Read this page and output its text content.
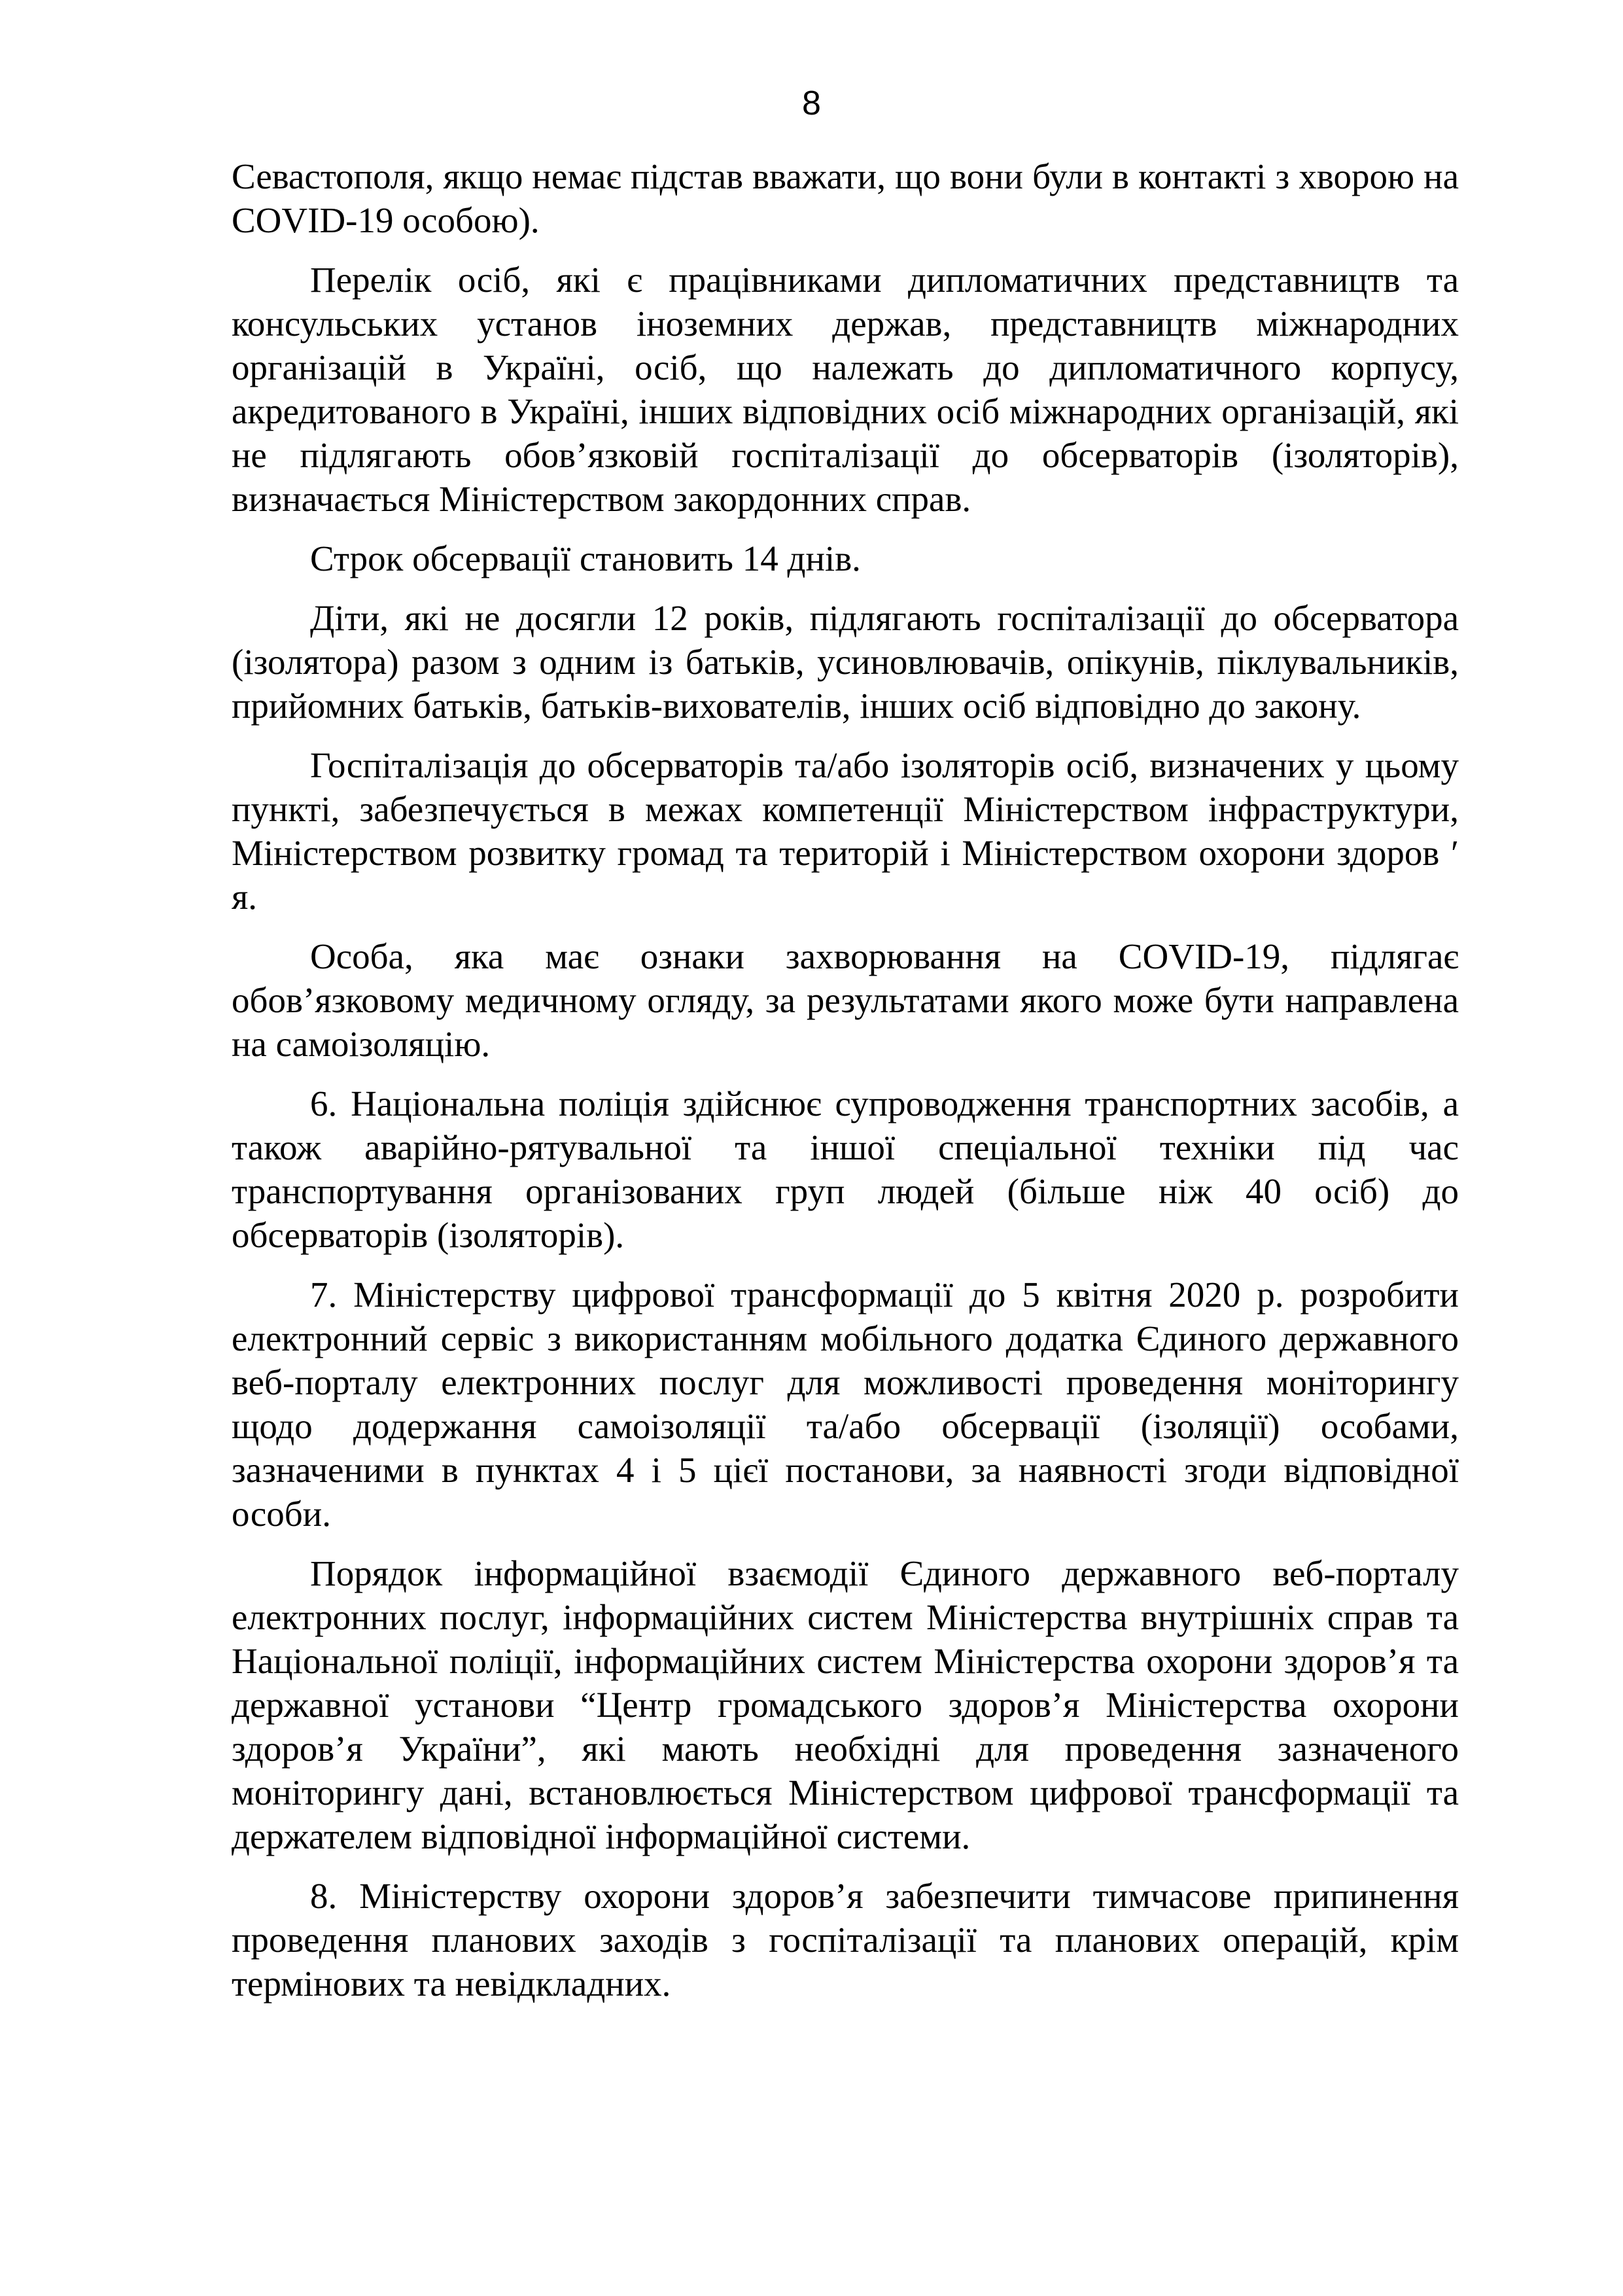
8

Севастополя, якщо немає підстав вважати, що вони були в контакті з хворою на COVID-19 особою).

Перелік осіб, які є працівниками дипломатичних представництв та консульських установ іноземних держав, представництв міжнародних організацій в Україні, осіб, що належать до дипломатичного корпусу, акредитованого в Україні, інших відповідних осіб міжнародних організацій, які не підлягають обов’язковій госпіталізації до обсерваторів (ізоляторів), визначається Міністерством закордонних справ.

Строк обсервації становить 14 днів.

Діти, які не досягли 12 років, підлягають госпіталізації до обсерватора (ізолятора) разом з одним із батьків, усиновлювачів, опікунів, піклувальників, прийомних батьків, батьків-вихователів, інших осіб відповідно до закону.

Госпіталізація до обсерваторів та/або ізоляторів осіб, визначених у цьому пункті, забезпечується в межах компетенції Міністерством інфраструктури, Міністерством розвитку громад та територій і Міністерством охорони здоров ʹ я.

Особа, яка має ознаки захворювання на COVID-19, підлягає обов’язковому медичному огляду, за результатами якого може бути направлена на самоізоляцію.

6. Національна поліція здійснює супроводження транспортних засобів, а також аварійно-рятувальної та іншої спеціальної техніки під час транспортування організованих груп людей (більше ніж 40 осіб) до обсерваторів (ізоляторів).

7. Міністерству цифрової трансформації до 5 квітня 2020 р. розробити електронний сервіс з використанням мобільного додатка Єдиного державного веб-порталу електронних послуг для можливості проведення моніторингу щодо додержання самоізоляції та/або обсервації (ізоляції) особами, зазначеними в пунктах 4 і 5 цієї постанови, за наявності згоди відповідної особи.

Порядок інформаційної взаємодії Єдиного державного веб-порталу електронних послуг, інформаційних систем Міністерства внутрішніх справ та Національної поліції, інформаційних систем Міністерства охорони здоров’я та державної установи “Центр громадського здоров’я Міністерства охорони здоров’я України”, які мають необхідні для проведення зазначеного моніторингу дані, встановлюється Міністерством цифрової трансформації та держателем відповідної інформаційної системи.

8. Міністерству охорони здоров’я забезпечити тимчасове припинення проведення планових заходів з госпіталізації та планових операцій, крім термінових та невідкладних.
